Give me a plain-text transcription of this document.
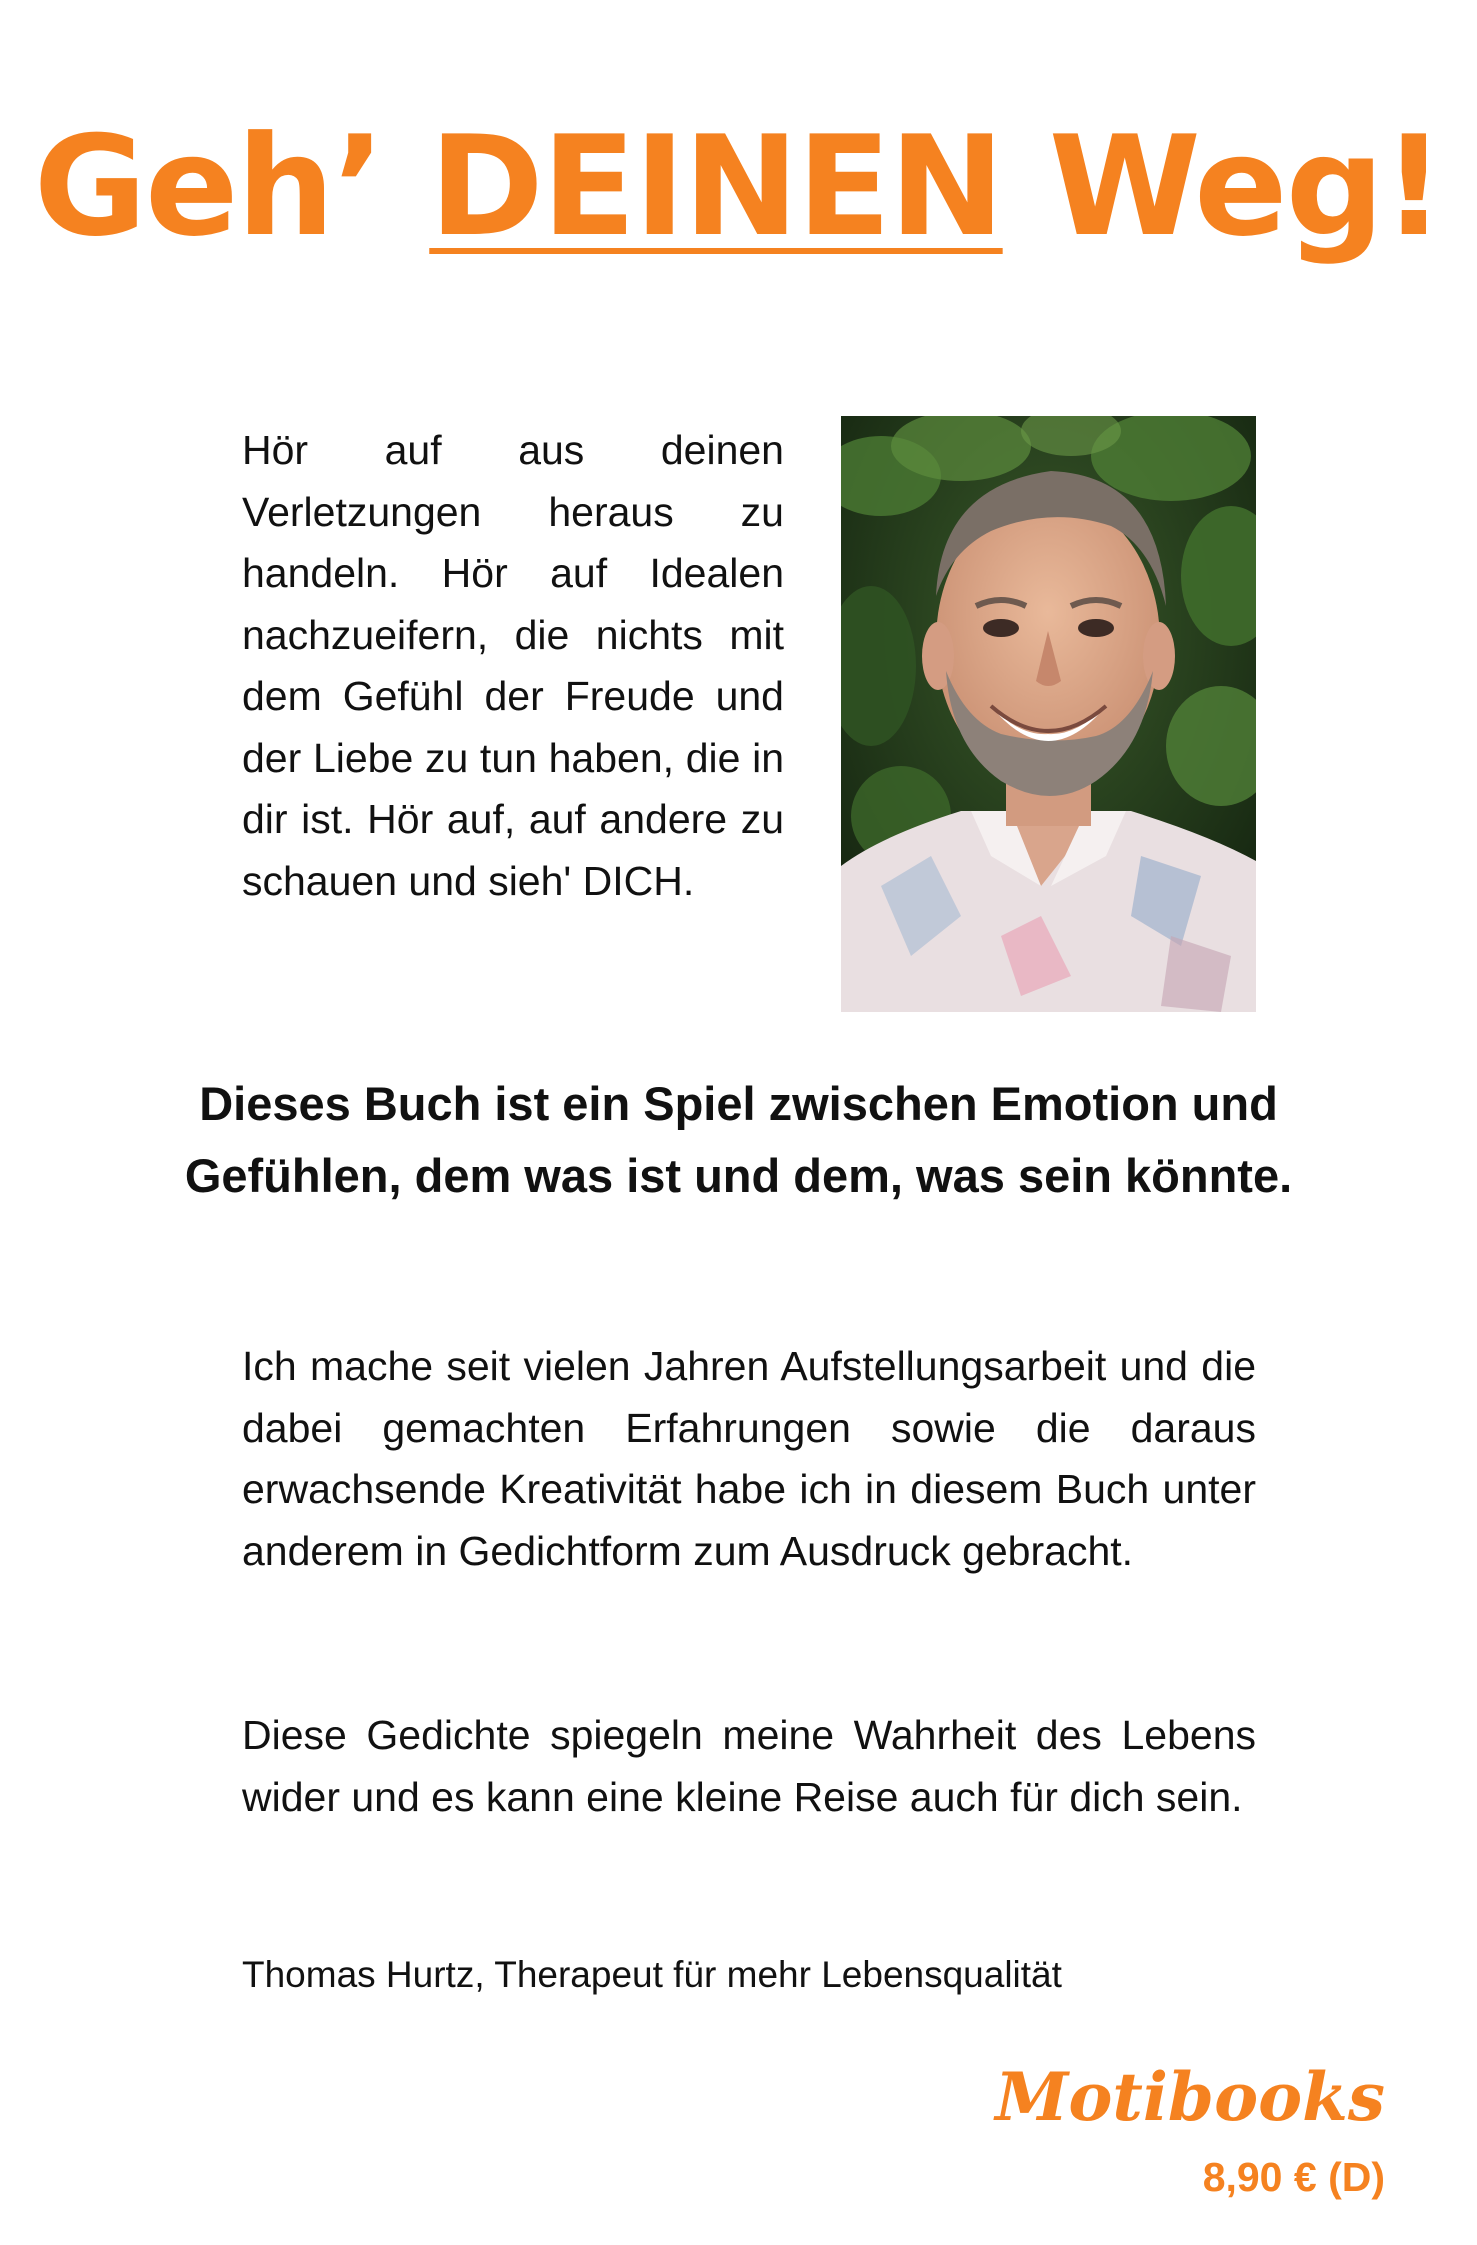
Geh’ DEINEN Weg!
Hör auf aus deinen Verletzungen heraus zu handeln. Hör auf Idealen nachzueifern, die nichts mit dem Gefühl der Freude und der Liebe zu tun haben, die in dir ist. Hör auf, auf andere zu schauen und sieh' DICH.
Dieses Buch ist ein Spiel zwischen Emotion und Gefühlen, dem was ist und dem, was sein könnte.
Ich mache seit vielen Jahren Aufstellungsarbeit und die dabei gemachten Erfahrungen sowie die daraus erwachsende Kreativität habe ich in diesem Buch unter anderem in Gedichtform zum Ausdruck gebracht.
Diese Gedichte spiegeln meine Wahrheit des Lebens wider und es kann eine kleine Reise auch für dich sein.
Thomas Hurtz, Therapeut für mehr Lebensqualität
Motibooks
8,90 € (D)
